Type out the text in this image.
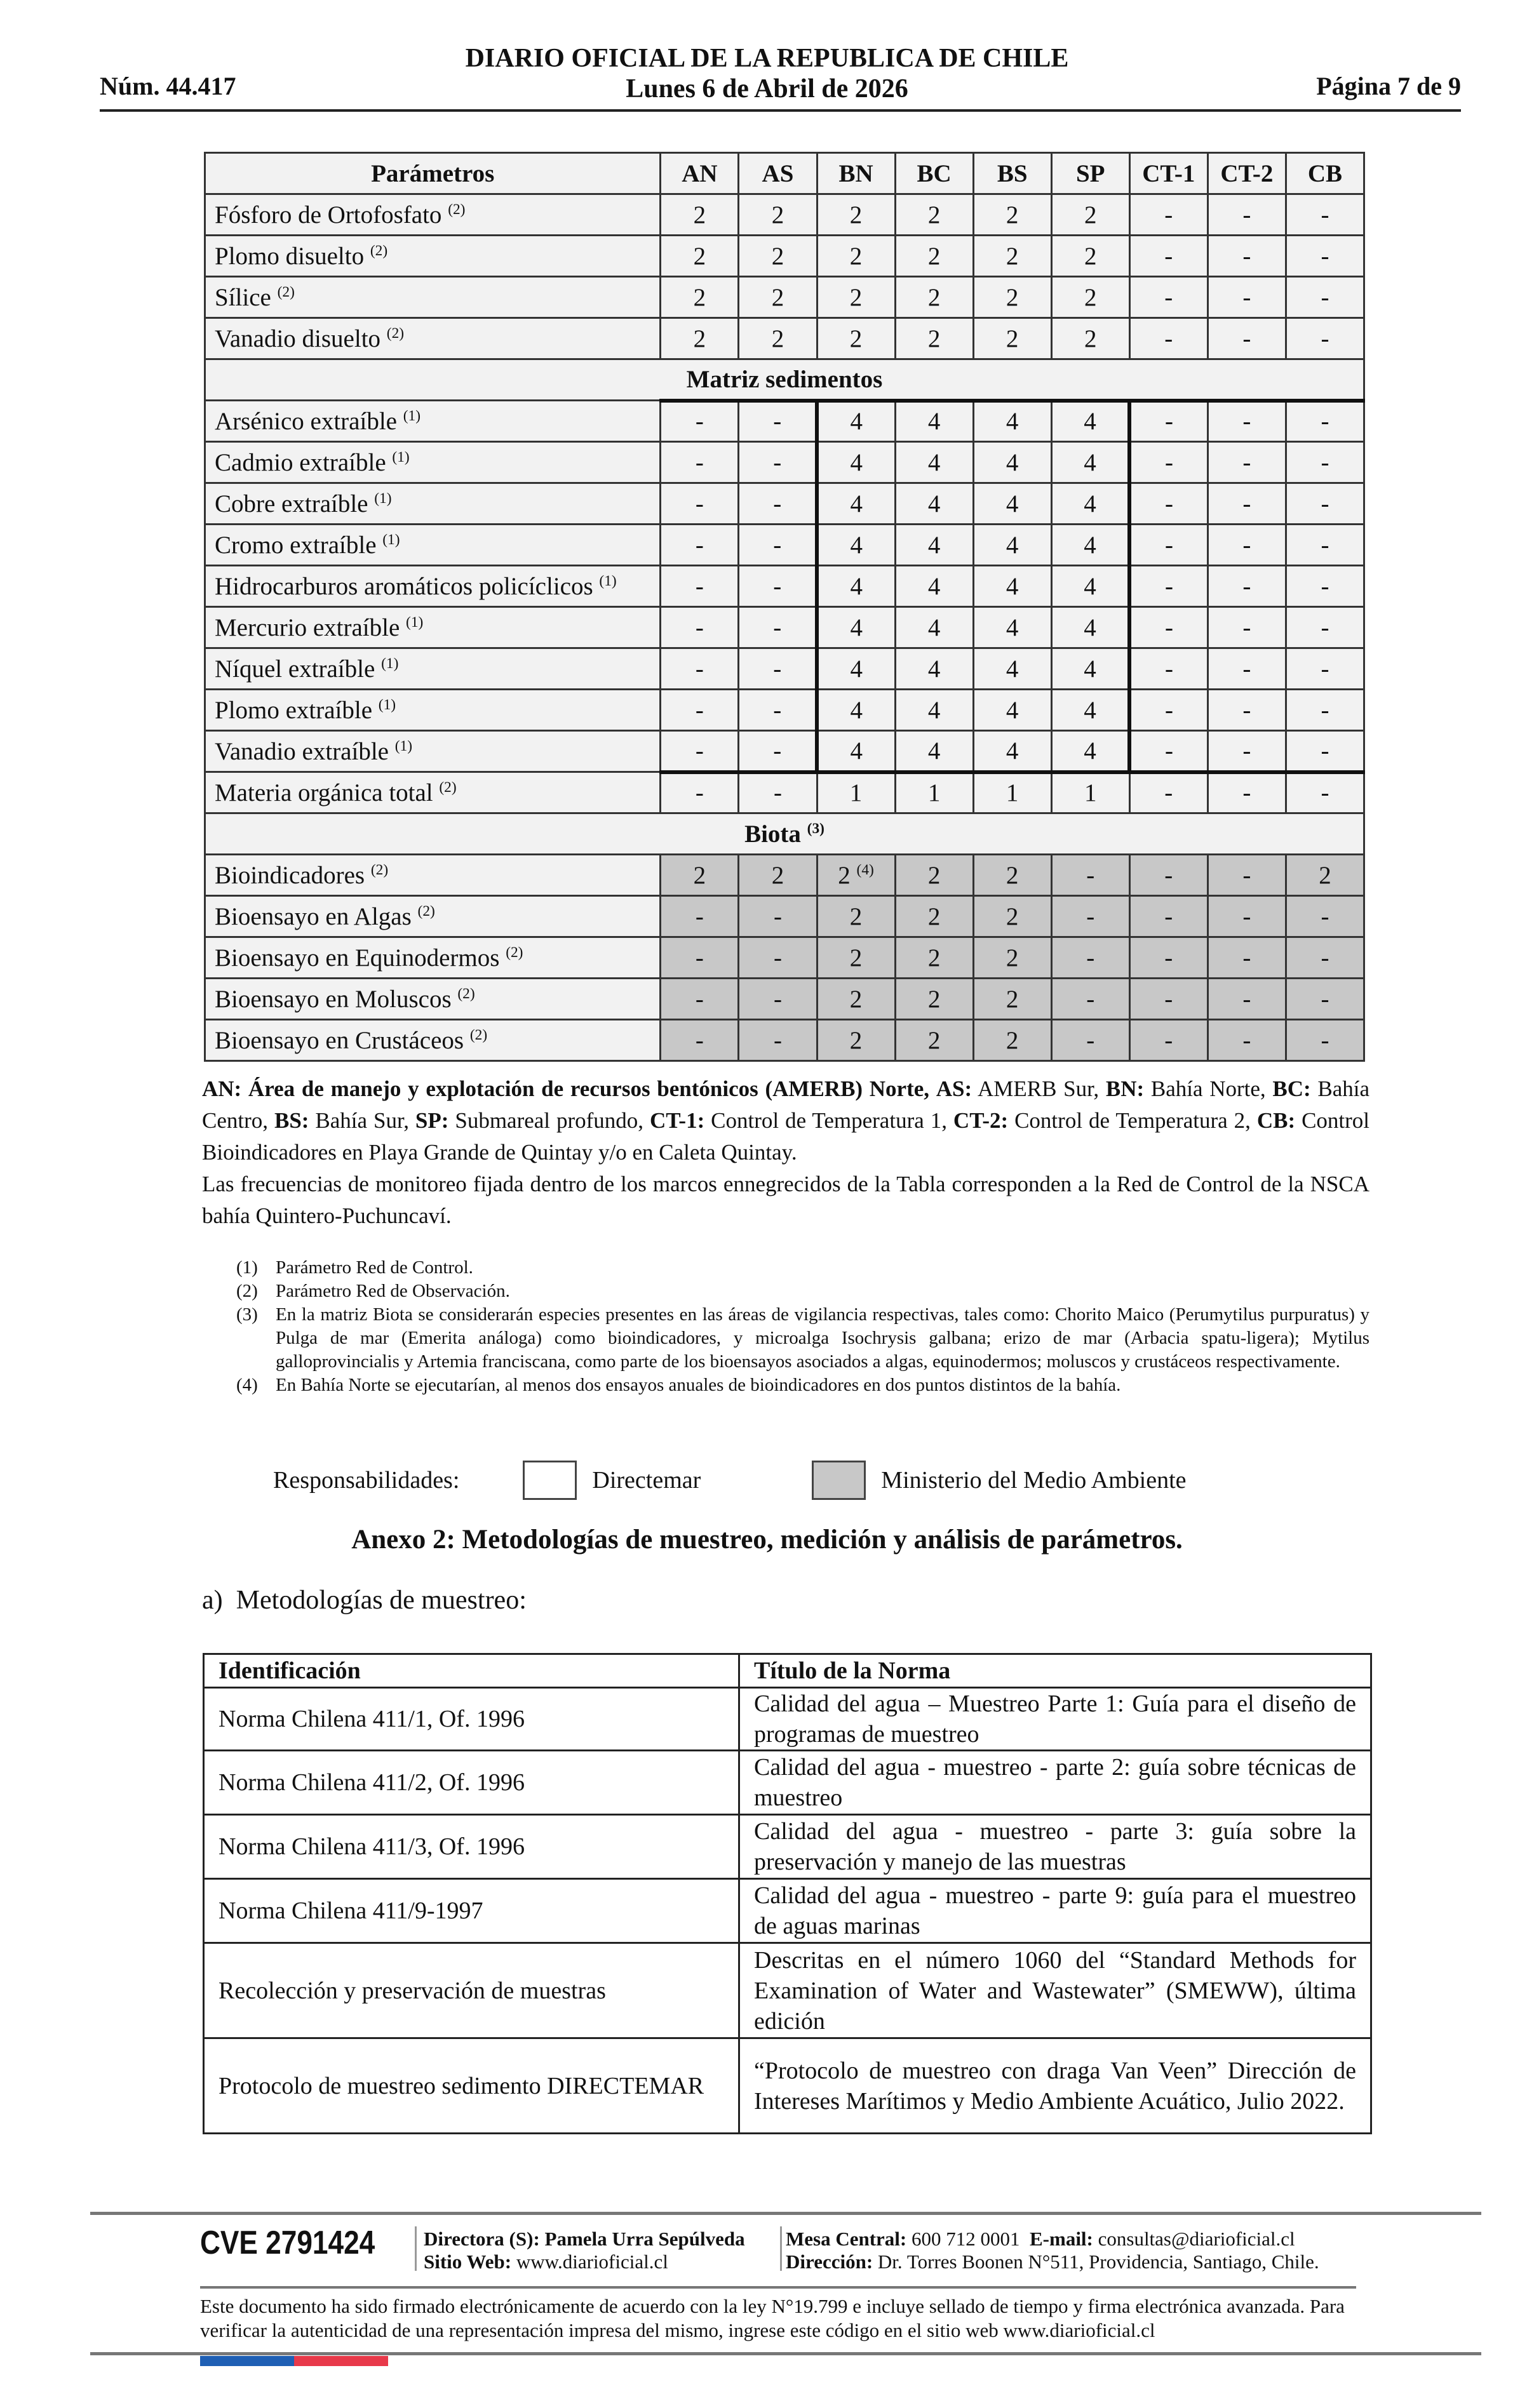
Núm. 44.417
DIARIO OFICIAL DE LA REPUBLICA DE CHILE
Lunes 6 de Abril de 2026	Página 7 de 9
Parámetros	AN	AS	BN	BC	BS	SP	CT-1	CT-2	CB
Fósforo de Ortofosfato $^{(2)}$	2	2	2	2	2	2	-	-	-
Plomo disuelto $^{(2)}$	2	2	2	2	2	2	-	-	-
Sílice $^{(2)}$	2	2	2	2	2	2	-	-	-
Vanadio disuelto $^{(2)}$	2	2	2	2	2	2	-	-	-
Matriz sedimentos									
Arsénico extraíble $^{(1)}$	-	-	4	4	4	4	-	-	-
Cadmio extraíble $^{(1)}$	-	-	4	4	4	4	-	-	-
Cobre extraíble $^{(1)}$	-	-	4	4	4	4	-	-	-
Cromo extraíble $^{(1)}$	-	-	4	4	4	4	-	-	-
Hidrocarburos aromáticos policíclicos $^{(1)}$	-	-	4	4	4	4	-	-	-
Mercurio extraíble $^{(1)}$	-	-	4	4	4	4	-	-	-
Níquel extraíble $^{(1)}$	-	-	4	4	4	4	-	-	-
Plomo extraíble $^{(1)}$	-	-	4	4	4	4	-	-	-
Vanadio extraíble $^{(1)}$	-	-	4	4	4	4	-	-	-
Materia orgánica total $^{(2)}$	-	-	1	1	1	1	-	-	-
Biota $^{(3)}$
Bioindicadores $^{(2)}$	2	2	2 $^{(4)}$	2	2	-	-	-	2
Bioensayo en Algas $^{(2)}$	-	-	2	2	2	-	-	-	-
Bioensayo en Equinodermos $^{(2)}$	-	-	2	2	2	-	-	-	-
Bioensayo en Moluscos $^{(2)}$	-	-	2	2	2	-	-	-	-
Bioensayo en Crustáceos $^{(2)}$	-	-	2	2	2	-	-	-	-
AN: Área de manejo y explotación de recursos bentónicos (AMERB) Norte, AS: AMERB Sur, BN: Bahía Norte, BC: Bahía Centro, BS: Bahía Sur, SP: Submareal profundo, CT-1: Control de Temperatura 1, CT-2: Control de Temperatura 2, CB: Control Bioindicadores en Playa Grande de Quintay y/o en Caleta Quintay.
Las frecuencias de monitoreo fijada dentro de los marcos ennegrecidos de la Tabla corresponden a la Red de Control de la NSCA bahía Quintero-Puchuncaví.
(1) Parámetro Red de Control.
(2) Parámetro Red de Observación.
(3) En la matriz Biota se considerarán especies presentes en las áreas de vigilancia respectivas, tales como: Chorito Maico (Perumytilus purpuratus) y Pulga de mar (Emerita análoga) como bioindicadores, y microalga Isochrysis galbana; erizo de mar (Arbacia spatu-ligera); Mytilus galloprovincialis y Artemia franciscana, como parte de los bioensayos asociados a algas, equinodermos; moluscos y crustáceos respectivamente.
(4) En Bahía Norte se ejecutarían, al menos dos ensayos anuales de bioindicadores en dos puntos distintos de la bahía.
Responsabilidades:	Directemar	Ministerio del Medio Ambiente
Anexo 2: Metodologías de muestreo, medición y análisis de parámetros.
a)  Metodologías de muestreo:
Identificación	Título de la Norma
Norma Chilena 411/1, Of. 1996	Calidad del agua – Muestreo Parte 1: Guía para el diseño de programas de muestreo
Norma Chilena 411/2, Of. 1996	Calidad del agua - muestreo - parte 2: guía sobre técnicas de muestreo
Norma Chilena 411/3, Of. 1996	Calidad del agua - muestreo - parte 3: guía sobre la preservación y manejo de las muestras
Norma Chilena 411/9-1997	Calidad del agua - muestreo - parte 9: guía para el muestreo de aguas marinas
Recolección y preservación de muestras	Descritas en el número 1060 del “Standard Methods for Examination of Water and Wastewater” (SMEWW), última edición
Protocolo de muestreo sedimento DIRECTEMAR	“Protocolo de muestreo con draga Van Veen” Dirección de Intereses Marítimos y Medio Ambiente Acuático, Julio 2022.
CVE 2791424 Directora (S): Pamela Urra Sepúlveda
Sitio Web: www.diarioficial.cl
Mesa Central: 600 712 0001 E-mail: consultas@diarioficial.cl
Dirección: Dr. Torres Boonen N°511, Providencia, Santiago, Chile.
Este documento ha sido firmado electrónicamente de acuerdo con la ley N°19.799 e incluye sellado de tiempo y firma electrónica avanzada. Para verificar la autenticidad de una representación impresa del mismo, ingrese este código en el sitio web www.diarioficial.cl
